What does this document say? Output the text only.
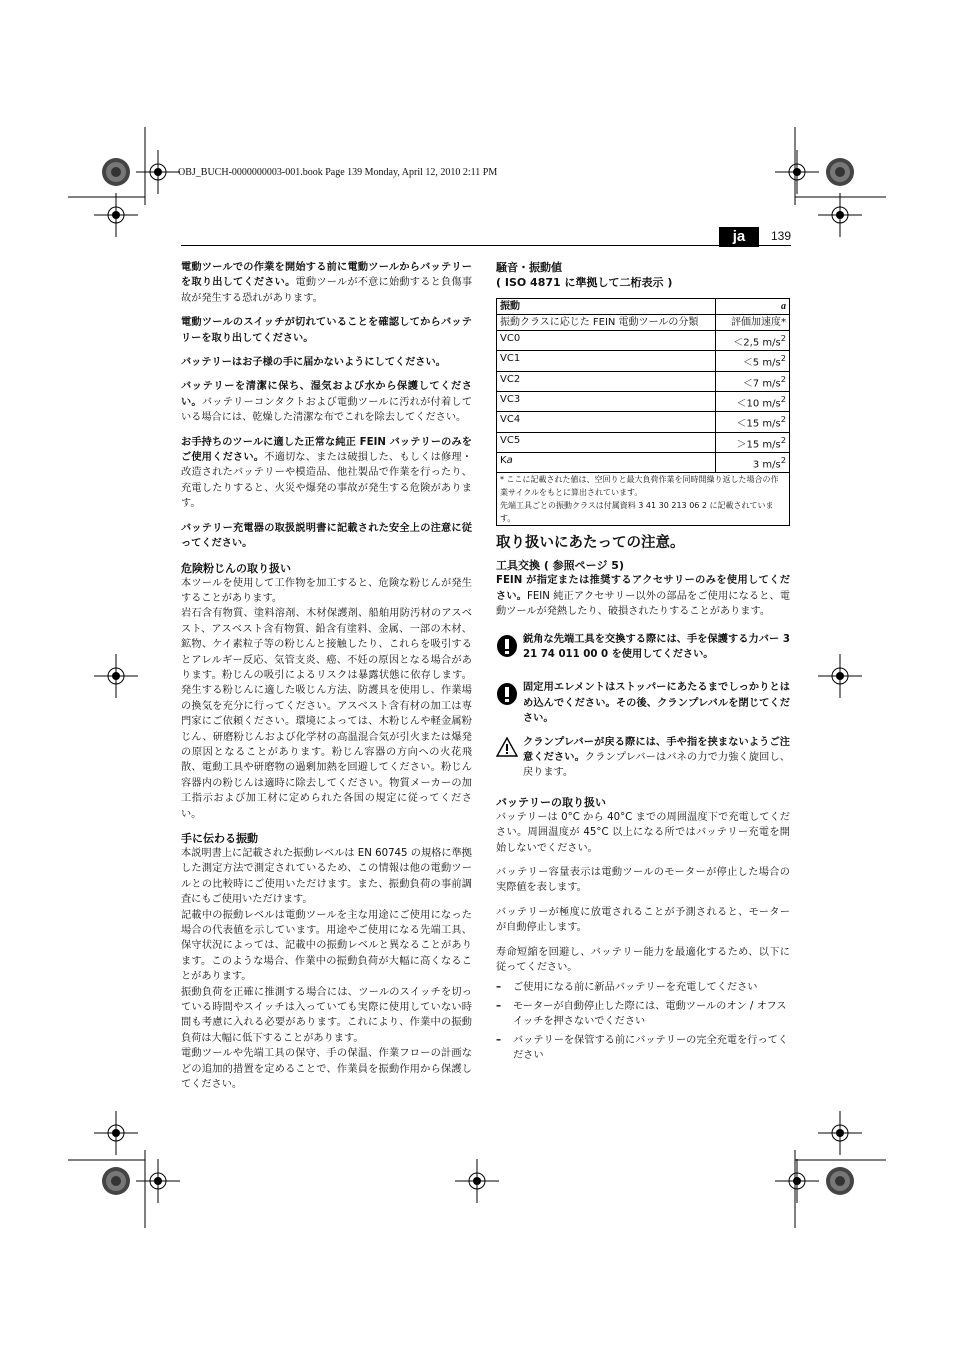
OBJ_BUCH-0000000003-001.book Page 139 Monday, April 12, 2010 2:11 PM
ja	139

電動ツールでの作業を開始する前に電動ツールからバッテリーを取り出してください。電動ツールが不意に始動すると負傷事故が発生する恐れがあります。

電動ツールのスイッチが切れていることを確認してからバッテリーを取り出してください。

バッテリーはお子様の手に届かないようにしてください。

バッテリーを清潔に保ち、湿気および水から保護してください。バッテリーコンタクトおよび電動ツールに汚れが付着している場合には、乾燥した清潔な布でこれを除去してください。

お手持ちのツールに適した正常な純正 FEIN バッテリーのみをご使用ください。不適切な、または破損した、もしくは修理・改造されたバッテリーや模造品、他社製品で作業を行ったり、充電したりすると、火災や爆発の事故が発生する危険があります。

バッテリー充電器の取扱説明書に記載された安全上の注意に従ってください。

危険粉じんの取り扱い

本ツールを使用して工作物を加工すると、危険な粉じんが発生することがあります。

岩石含有物質、塗料溶剤、木材保護剤、船舶用防汚材のアスベスト、アスベスト含有物質、鉛含有塗料、金属、一部の木材、鉱物、ケイ素粒子等の粉じんと接触したり、これらを吸引するとアレルギー反応、気管支炎、癌、不妊の原因となる場合があります。粉じんの吸引によるリスクは暴露状態に依存します。発生する粉じんに適した吸じん方法、防護具を使用し、作業場の換気を充分に行ってください。アスベスト含有材の加工は専門家にご依頼ください。環境によっては、木粉じんや軽金属粉じん、研磨粉じんおよび化学材の高温混合気が引火または爆発の原因となることがあります。粉じん容器の方向への火花飛散、電動工具や研磨物の過剰加熱を回避してください。粉じん容器内の粉じんは適時に除去してください。物質メーカーの加工指示および加工材に定められた各国の規定に従ってください。

手に伝わる振動

本説明書上に記載された振動レベルは EN 60745 の規格に準拠した測定方法で測定されているため、この情報は他の電動ツールとの比較時にご使用いただけます。また、振動負荷の事前調査にもご使用いただけます。

記載中の振動レベルは電動ツールを主な用途にご使用になった場合の代表値を示しています。用途やご使用になる先端工具、保守状況によっては、記載中の振動レベルと異なることがあります。このような場合、作業中の振動負荷が大幅に高くなることがあります。

振動負荷を正確に推測する場合には、ツールのスイッチを切っている時間やスイッチは入っていても実際に使用していない時間も考慮に入れる必要があります。これにより、作業中の振動負荷は大幅に低下することがあります。

電動ツールや先端工具の保守、手の保温、作業フローの計画などの追加的措置を定めることで、作業員を振動作用から保護してください。

騒音・振動値

( ISO 4871 に準拠して二桁表示 )

振動	a
振動クラスに応じた FEIN 電動ツールの分類	評価加速度*
VC0	＜2,5 $m/s^2$
VC1	＜5 $m/s^2$
VC2	＜7 $m/s^2$
VC3	＜10 $m/s^2$
VC4	＜15 $m/s^2$
VC5	＞15 $m/s^2$
Ka	3 $m/s^2$

* ここに記載された値は、空回りと最大負荷作業を同時開繰り返した場合の作業サイクルをもとに算出されています。
先端工具ごとの振動クラスは付属資料 3 41 30 213 06 2 に記載されています。	

取り扱いにあたっての注意。

工具交換 ( 参照ページ 5)

FEIN が指定または推奨するアクセサリーのみを使用してください。FEIN 純正アクセサリー以外の部品をご使用になると、電動ツールが発熱したり、破損されたりすることがあります。

鋭角な先端工具を交換する際には、手を保護する力バー 3 21 74 011 00 0 を使用してください。

固定用エレメントはストッパーにあたるまでしっかりとはめ込んでください。その後、クランプレバルを閉じてください。

クランプレバーが戻る際には、手や指を挟まないようご注意ください。クランプレバーはバネの力で力強く旋回し、戻ります。

バッテリーの取り扱い

バッテリーは 0°C から 40°C までの周囲温度下で充電してください。周囲温度が 45°C 以上になる所ではバッテリー充電を開始しないでください。

バッテリー容量表示は電動ツールのモーターが停止した場合の実際値を表します。

バッテリーが極度に放電されることが予測されると、モーターが自動停止します。

寿命短縮を回避し、バッテリー能力を最適化するため、以下に従ってください。

– ご使用になる前に新品バッテリーを充電してください
– モーターが自動停止した際には、電動ツールのオン / オフスイッチを押さないでください
– バッテリーを保管する前にバッテリーの完全充電を行ってください
